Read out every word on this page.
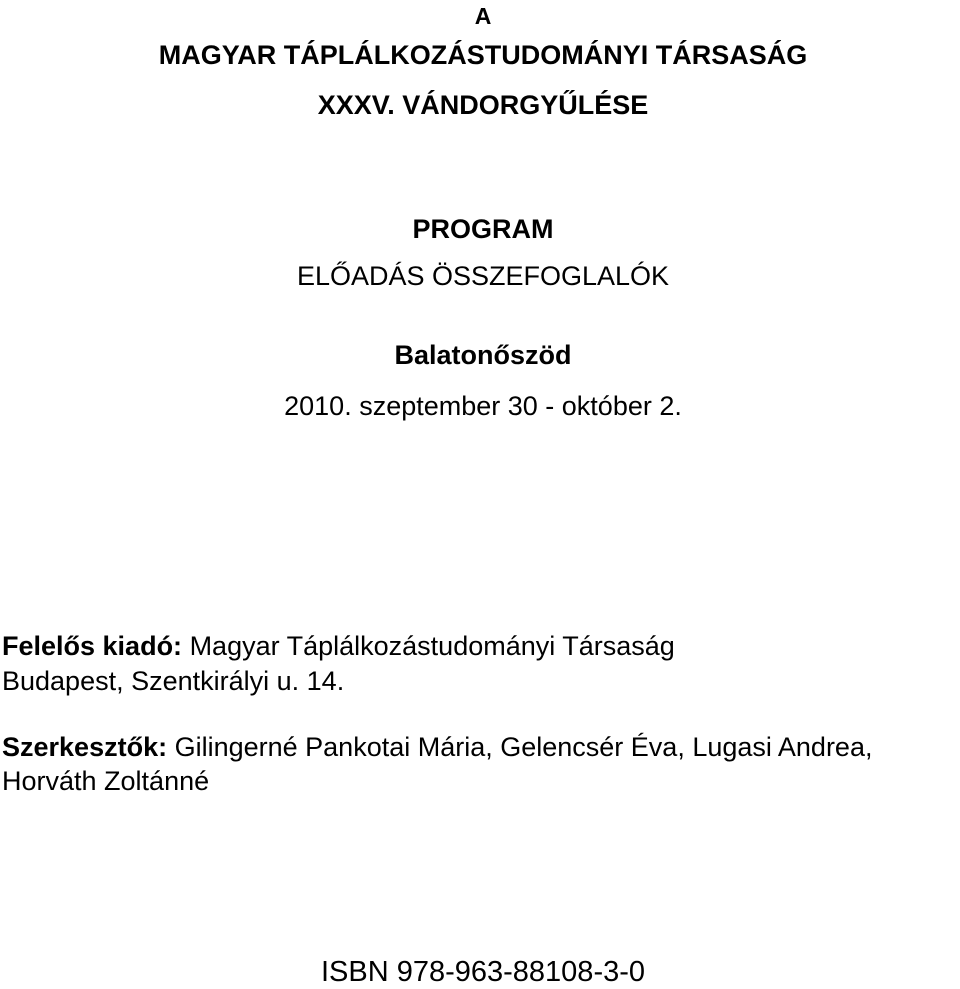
A
MAGYAR TÁPLÁLKOZÁSTUDOMÁNYI TÁRSASÁG
XXXV. VÁNDORGYŰLÉSE
PROGRAM
ELŐADÁS ÖSSZEFOGLALÓK
Balatonőszöd
2010. szeptember 30 - október 2.
Felelős kiadó: Magyar Táplálkozástudományi Társaság
Budapest, Szentkirályi u. 14.
Szerkesztők: Gilingerné Pankotai Mária, Gelencsér Éva, Lugasi Andrea,
Horváth Zoltánné
ISBN 978-963-88108-3-0
